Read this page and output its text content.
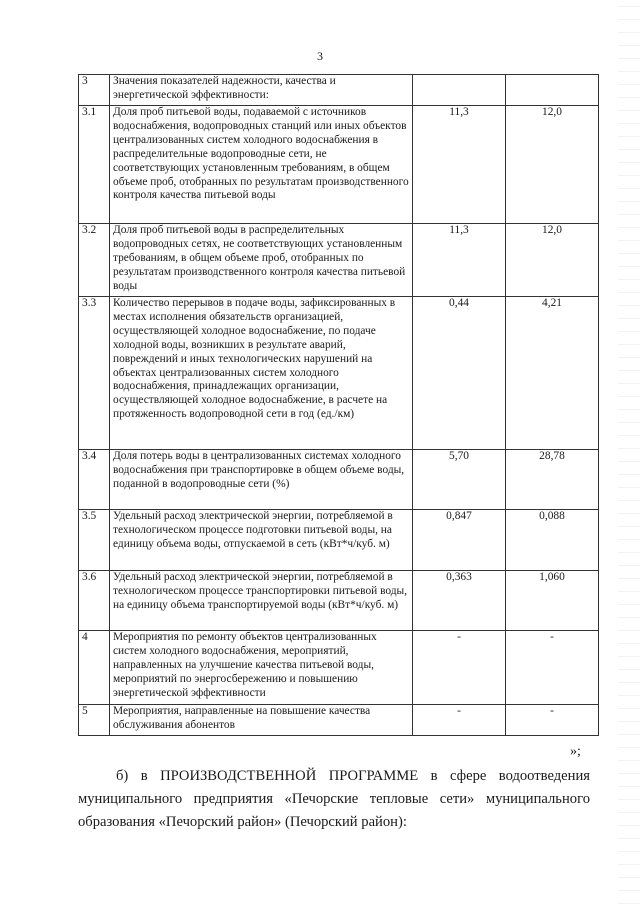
3
3	Значения показателей надежности, качества и энергетической эффективности:		
3.1	Доля проб питьевой воды, подаваемой с источников водоснабжения, водопроводных станций или иных объектов централизованных систем холодного водоснабжения в распределительные водопроводные сети, не соответствующих установленным требованиям, в общем объеме проб, отобранных по результатам производственного контроля качества питьевой воды	11,3	12,0
3.2	Доля проб питьевой воды в распределительных водопроводных сетях, не соответствующих установленным требованиям, в общем объеме проб, отобранных по результатам производственного контроля качества питьевой воды	11,3	12,0
3.3	Количество перерывов в подаче воды, зафиксированных в местах исполнения обязательств организацией, осуществляющей холодное водоснабжение, по подаче холодной воды, возникших в результате аварий, повреждений и иных технологических нарушений на объектах централизованных систем холодного водоснабжения, принадлежащих организации, осуществляющей холодное водоснабжение, в расчете на протяженность водопроводной сети в год (ед./км)	0,44	4,21
3.4	Доля потерь воды в централизованных системах холодного водоснабжения при транспортировке в общем объеме воды, поданной в водопроводные сети (%)	5,70	28,78
3.5	Удельный расход электрической энергии, потребляемой в технологическом процессе подготовки питьевой воды, на единицу объема воды, отпускаемой в сеть (кВт*ч/куб. м)	0,847	0,088
3.6	Удельный расход электрической энергии, потребляемой в технологическом процессе транспортировки питьевой воды, на единицу объема транспортируемой воды (кВт*ч/куб. м)	0,363	1,060
4	Мероприятия по ремонту объектов централизованных систем холодного водоснабжения, мероприятий, направленных на улучшение качества питьевой воды, мероприятий по энергосбережению и повышению энергетической эффективности	-	-
5	Мероприятия, направленные на повышение качества обслуживания абонентов	-	-
»;

б) в ПРОИЗВОДСТВЕННОЙ ПРОГРАММЕ в сфере водоотведения муниципального предприятия «Печорские тепловые сети» муниципального образования «Печорский район» (Печорский район):
